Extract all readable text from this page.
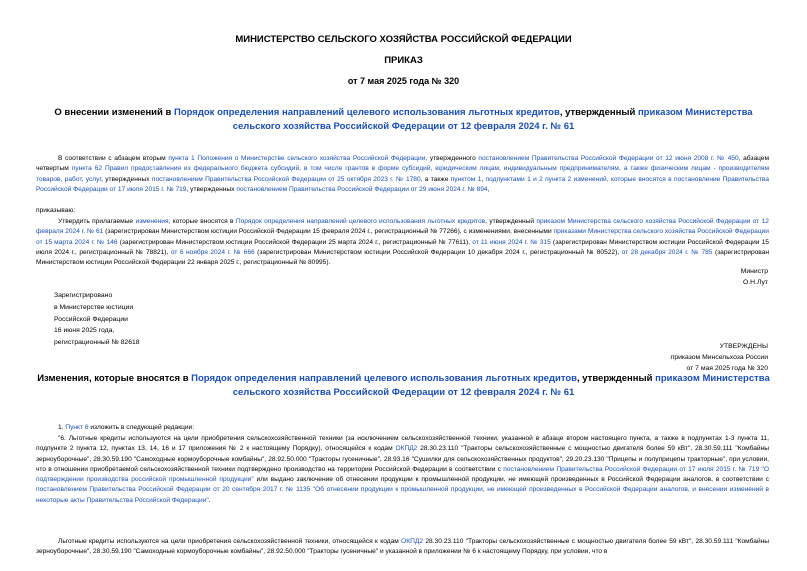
МИНИСТЕРСТВО СЕЛЬСКОГО ХОЗЯЙСТВА РОССИЙСКОЙ ФЕДЕРАЦИИ
ПРИКАЗ
от 7 мая 2025 года № 320
О внесении изменений в Порядок определения направлений целевого использования льготных кредитов, утвержденный приказом Министерства сельского хозяйства Российской Федерации от 12 февраля 2024 г. № 61
В соответствии с абзацем вторым пункта 1 Положения о Министерстве сельского хозяйства Российской Федерации, утвержденного постановлением Правительства Российской Федерации от 12 июня 2008 г. № 450, абзацем четвертым пункта 62 Правил предоставления из федерального бюджета субсидий, в том числе грантов в форме субсидий, юридическим лицам, индивидуальным предпринимателям, а также физическим лицам - производителям товаров, работ, услуг, утвержденных постановлением Правительства Российской Федерации от 25 октября 2023 г. № 1780, а также пунктом 1, подпунктами 1 и 2 пункта 2 изменений, которые вносятся в постановление Правительства Российской Федерации от 17 июля 2015 г. № 719, утвержденных постановлением Правительства Российской Федерации от 29 июня 2024 г. № 894,
приказываю:
Утвердить прилагаемые изменения, которые вносятся в Порядок определения направлений целевого использования льготных кредитов, утвержденный приказом Министерства сельского хозяйства Российской Федерации от 12 февраля 2024 г. № 61 (зарегистрирован Министерством юстиции Российской Федерации 15 февраля 2024 г., регистрационный № 77266), с изменениями, внесенными приказами Министерства сельского хозяйства Российской Федерации от 15 марта 2024 г. № 146 (зарегистрирован Министерством юстиции Российской Федерации 25 марта 2024 г., регистрационный № 77611), от 11 июня 2024 г. № 315 (зарегистрирован Министерством юстиции Российской Федерации 15 июля 2024 г., регистрационный № 78821), от 6 ноября 2024 г. № 666 (зарегистрирован Министерством юстиции Российской Федерации 10 декабря 2024 г., регистрационный № 80522), от 28 декабря 2024 г. № 785 (зарегистрирован Министерством юстиции Российской Федерации 22 января 2025 г., регистрационный № 80995).
Министр
О.Н.Лут
Зарегистрировано
в Министерстве юстиции
Российской Федерации
16 июня 2025 года,
регистрационный № 82618
УТВЕРЖДЕНЫ
приказом Минсельхоза России
от 7 мая 2025 года № 320
Изменения, которые вносятся в Порядок определения направлений целевого использования льготных кредитов, утвержденный приказом Министерства сельского хозяйства Российской Федерации от 12 февраля 2024 г. № 61
1. Пункт 6 изложить в следующей редакции:
"6. Льготные кредиты используются на цели приобретения сельскохозяйственной техники (за исключением сельскохозяйственной техники, указанной в абзаце втором настоящего пункта, а также в подпунктах 1-3 пункта 11, подпункте 2 пункта 12, пунктах 13, 14, 16 и 17 приложения № 2 к настоящему Порядку), относящейся к кодам ОКПД2 28.30.23.110 "Тракторы сельскохозяйственные с мощностью двигателя более 59 кВт", 28.30.59.111 "Комбайны зерноуборочные", 28.30.59.190 "Самоходные кормоуборочные комбайны", 28.92.50.000 "Тракторы гусеничные", 28.93.16 "Сушилки для сельскохозяйственных продуктов", 29.20.23.130 "Прицепы и полуприцепы тракторные", при условии, что в отношении приобретаемой сельскохозяйственной техники подтверждено производство на территории Российской Федерации в соответствии с постановлением Правительства Российской Федерации от 17 июля 2015 г. № 719 "О подтверждении производства российской промышленной продукции" или выдано заключение об отнесении продукции к промышленной продукции, не имеющей произведенных в Российской Федерации аналогов, в соответствии с постановлением Правительства Российской Федерации от 20 сентября 2017 г. № 1135 "Об отнесении продукции к промышленной продукции, не имеющей произведенных в Российской Федерации аналогов, и внесении изменений в некоторые акты Правительства Российской Федерации".
Льготные кредиты используются на цели приобретения сельскохозяйственной техники, относящейся к кодам ОКПД2 28.30.23.110 "Тракторы сельскохозяйственные с мощностью двигателя более 59 кВт", 28.30.59.111 "Комбайны зерноуборочные", 28.30.59.190 "Самоходные кормоуборочные комбайны", 28.92.50.000 "Тракторы гусеничные" и указанной в приложении № 6 к настоящему Порядку, при условии, что в
